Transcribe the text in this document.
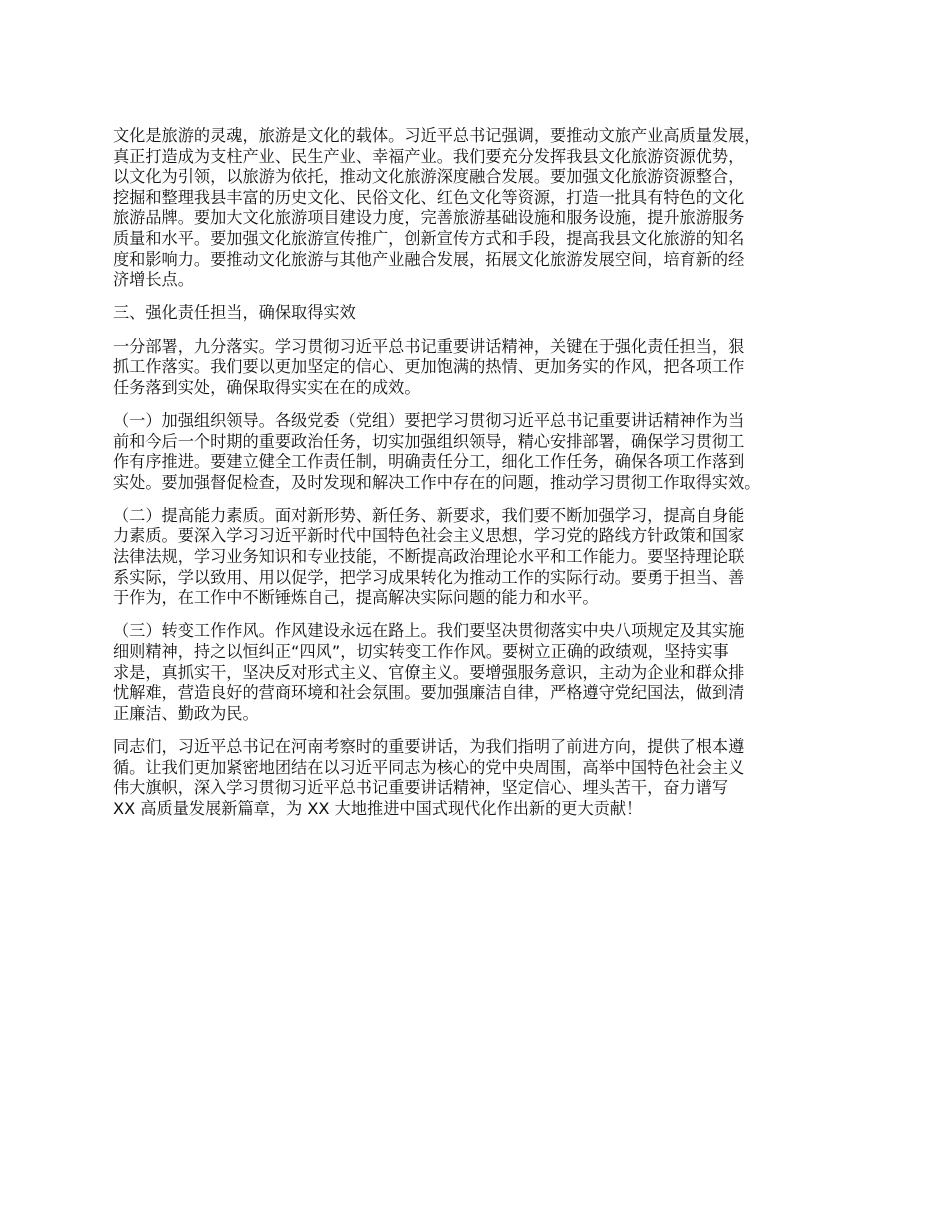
文化是旅游的灵魂，旅游是文化的载体。习近平总书记强调，要推动文旅产业高质量发展，
真正打造成为支柱产业、民生产业、幸福产业。我们要充分发挥我县文化旅游资源优势，
以文化为引领，以旅游为依托，推动文化旅游深度融合发展。要加强文化旅游资源整合，
挖掘和整理我县丰富的历史文化、民俗文化、红色文化等资源，打造一批具有特色的文化
旅游品牌。要加大文化旅游项目建设力度，完善旅游基础设施和服务设施，提升旅游服务
质量和水平。要加强文化旅游宣传推广，创新宣传方式和手段，提高我县文化旅游的知名
度和影响力。要推动文化旅游与其他产业融合发展，拓展文化旅游发展空间，培育新的经
济增长点。

三、强化责任担当，确保取得实效

一分部署，九分落实。学习贯彻习近平总书记重要讲话精神，关键在于强化责任担当，狠
抓工作落实。我们要以更加坚定的信心、更加饱满的热情、更加务实的作风，把各项工作
任务落到实处，确保取得实实在在的成效。

（一）加强组织领导。各级党委（党组）要把学习贯彻习近平总书记重要讲话精神作为当
前和今后一个时期的重要政治任务，切实加强组织领导，精心安排部署，确保学习贯彻工
作有序推进。要建立健全工作责任制，明确责任分工，细化工作任务，确保各项工作落到
实处。要加强督促检查，及时发现和解决工作中存在的问题，推动学习贯彻工作取得实效。

（二）提高能力素质。面对新形势、新任务、新要求，我们要不断加强学习，提高自身能
力素质。要深入学习习近平新时代中国特色社会主义思想，学习党的路线方针政策和国家
法律法规，学习业务知识和专业技能，不断提高政治理论水平和工作能力。要坚持理论联
系实际，学以致用、用以促学，把学习成果转化为推动工作的实际行动。要勇于担当、善
于作为，在工作中不断锤炼自己，提高解决实际问题的能力和水平。

（三）转变工作作风。作风建设永远在路上。我们要坚决贯彻落实中央八项规定及其实施
细则精神，持之以恒纠正“四风”，切实转变工作作风。要树立正确的政绩观，坚持实事
求是，真抓实干，坚决反对形式主义、官僚主义。要增强服务意识，主动为企业和群众排
忧解难，营造良好的营商环境和社会氛围。要加强廉洁自律，严格遵守党纪国法，做到清
正廉洁、勤政为民。

同志们，习近平总书记在河南考察时的重要讲话，为我们指明了前进方向，提供了根本遵
循。让我们更加紧密地团结在以习近平同志为核心的党中央周围，高举中国特色社会主义
伟大旗帜，深入学习贯彻习近平总书记重要讲话精神，坚定信心、埋头苦干，奋力谱写
XX 高质量发展新篇章，为 XX 大地推进中国式现代化作出新的更大贡献！
